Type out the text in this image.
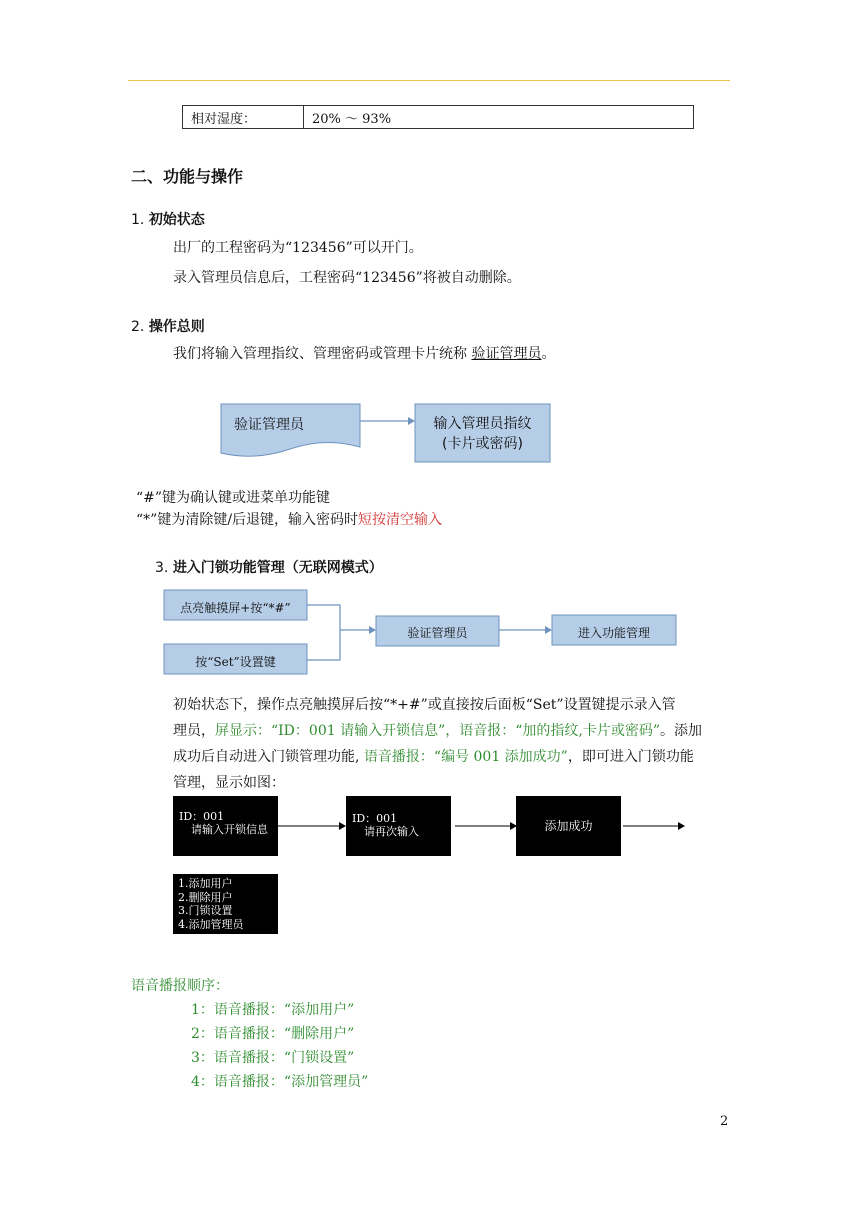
相对湿度：	20% ～ 93%
二、功能与操作
1. 初始状态
出厂的工程密码为“123456”可以开门。
录入管理员信息后，工程密码“123456”将被自动删除。
2. 操作总则
我们将输入管理指纹、管理密码或管理卡片统称 验证管理员。
验证管理员	输入管理员指纹
(卡片或密码)
“#”键为确认键或进菜单功能键
“*”键为清除键/后退键，输入密码时短按清空输入
3. 进入门锁功能管理（无联网模式）
点亮触摸屏+按“*#”
按“Set”设置键
验证管理员	进入功能管理
初始状态下，操作点亮触摸屏后按“*+#”或直接按后面板“Set”设置键提示录入管
理员，屏显示：“ID：001 请输入开锁信息”，语音报：“加的指纹,卡片或密码”。添加
成功后自动进入门锁管理功能, 语音播报：“编号 001 添加成功”，即可进入门锁功能
管理，显示如图：
ID：001
请输入开锁信息
ID：001
请再次输入	添加成功
1.添加用户
2.删除用户
3.门锁设置
4.添加管理员
语音播报顺序：
1：语音播报：“添加用户”
2：语音播报：“删除用户”
3：语音播报：“门锁设置”
4：语音播报：“添加管理员”
2
